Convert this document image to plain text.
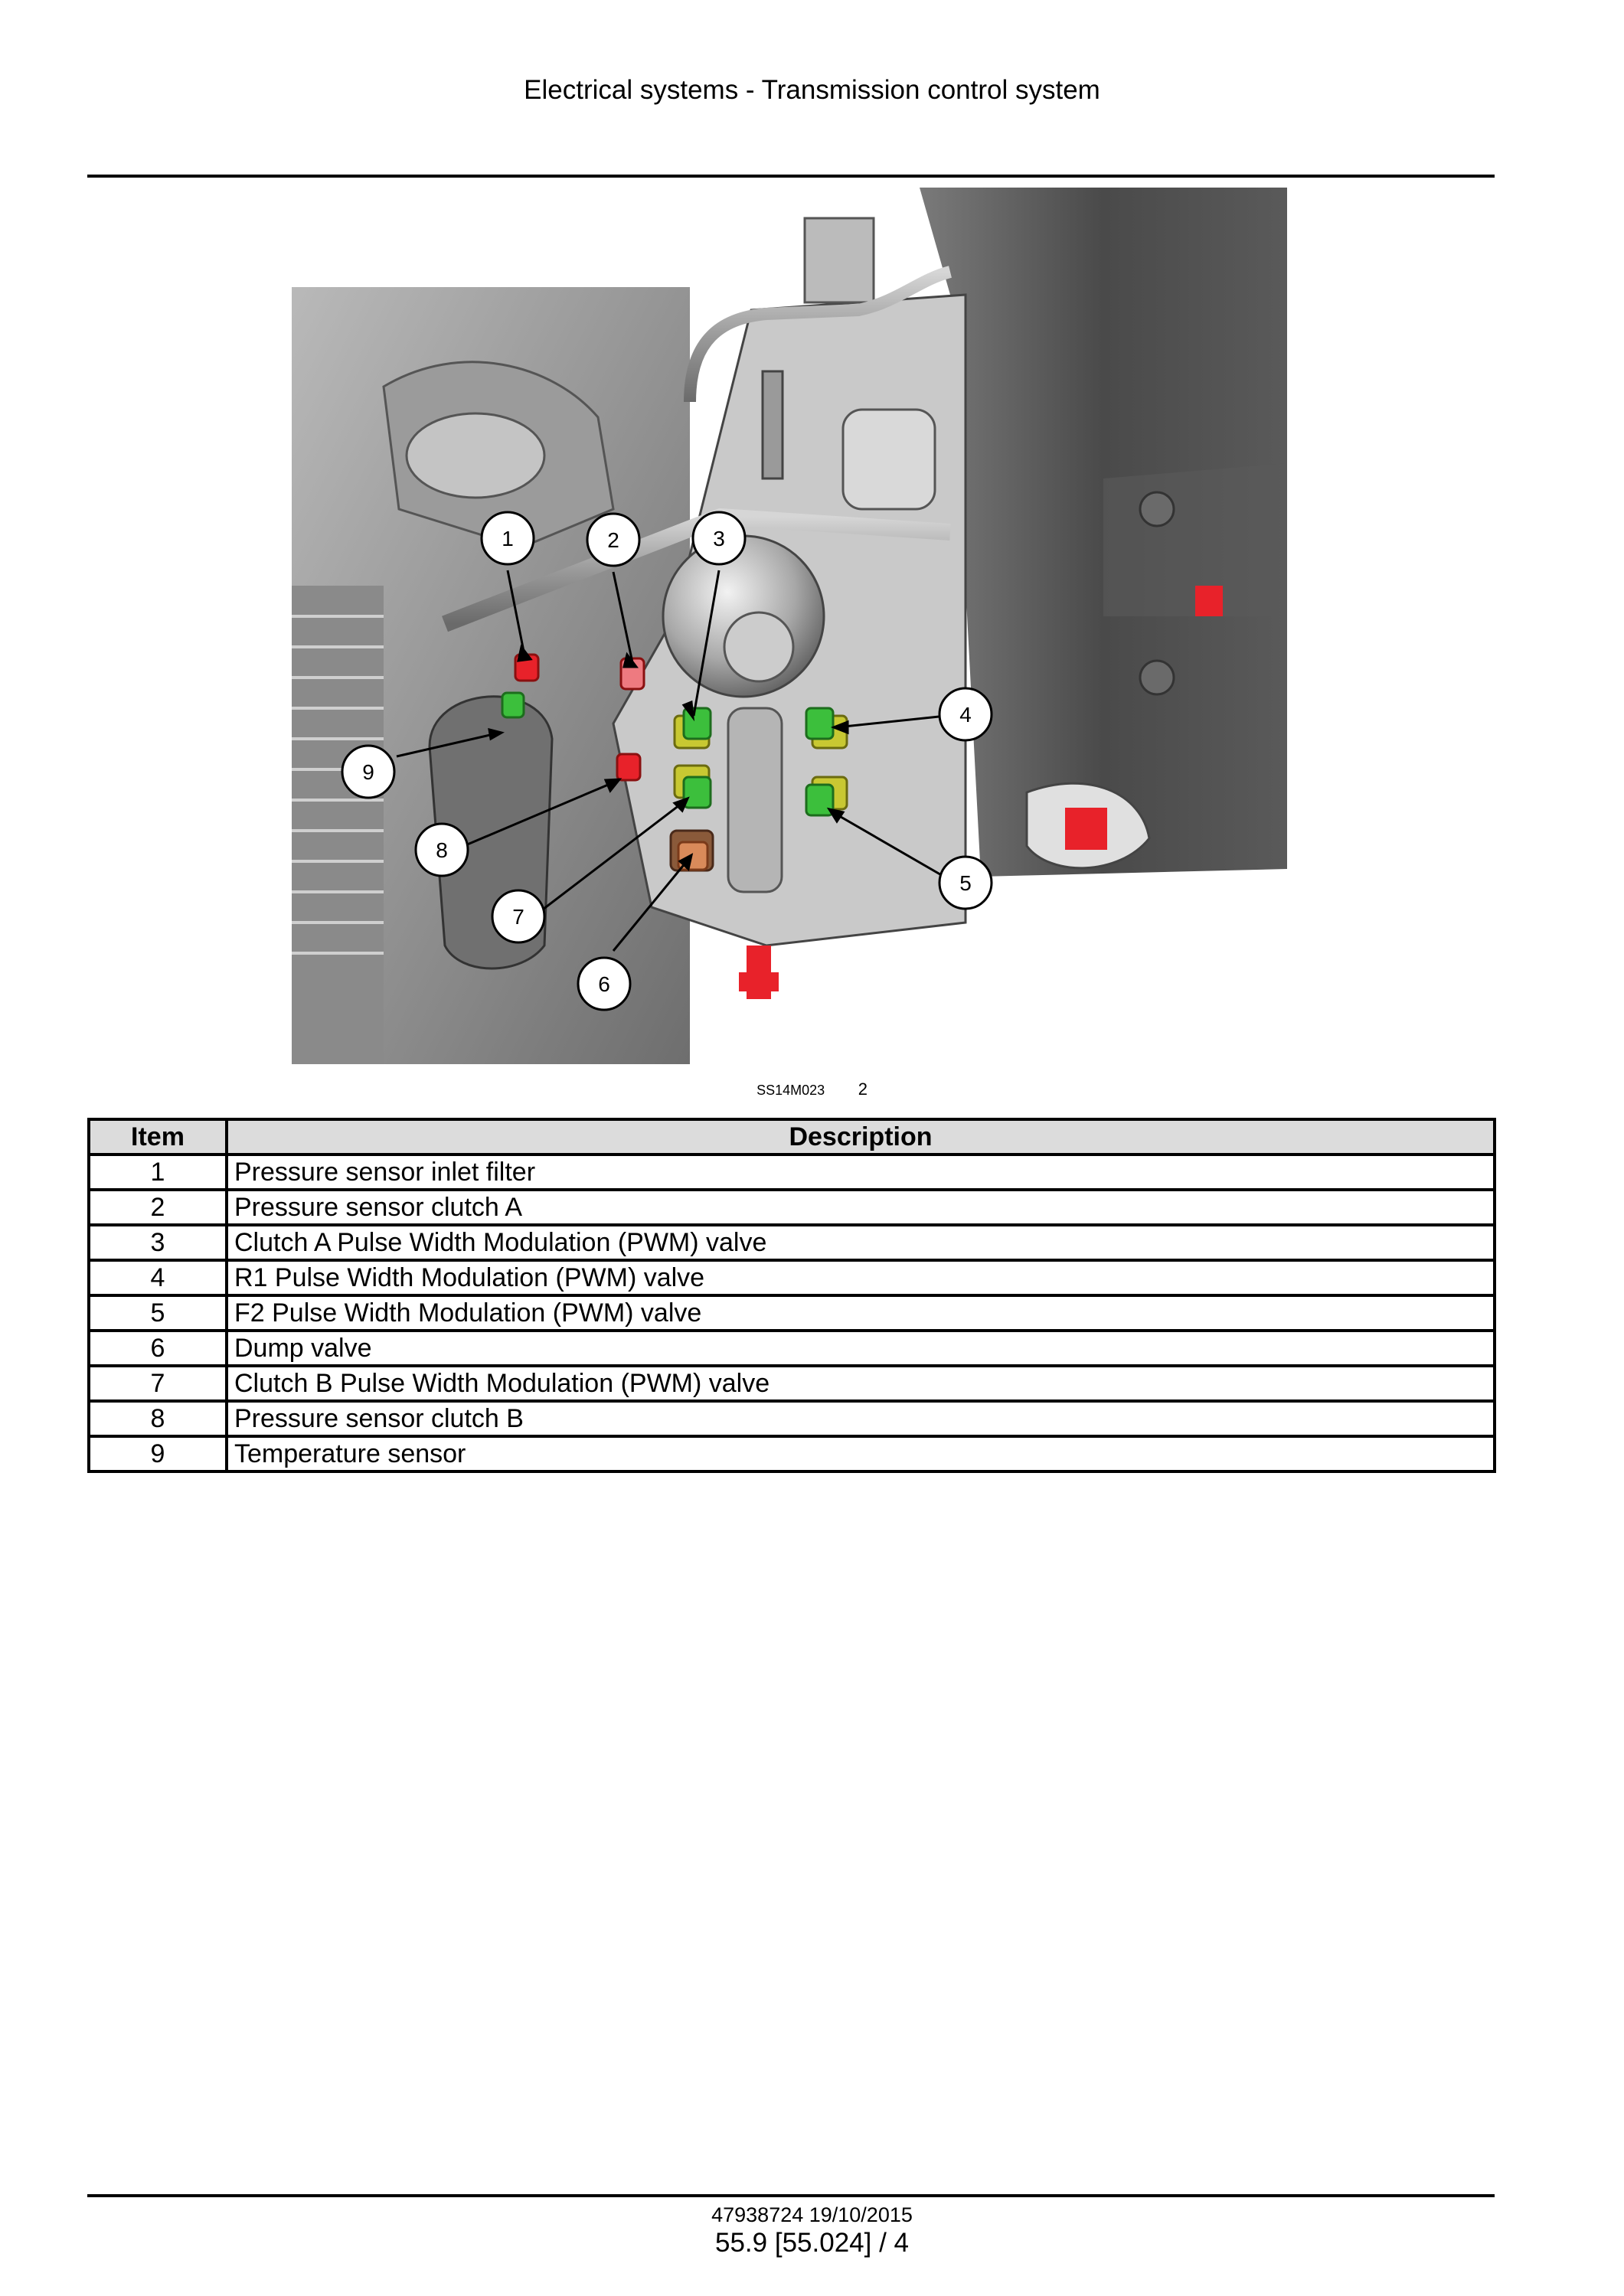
Electrical systems - Transmission control system
1	2	3
4
5
6
7
8
9
SS14M023 2
Item	Description
1	Pressure sensor inlet filter
2	Pressure sensor clutch A
3	Clutch A Pulse Width Modulation (PWM) valve
4	R1 Pulse Width Modulation (PWM) valve
5	F2 Pulse Width Modulation (PWM) valve
6	Dump valve
7	Clutch B Pulse Width Modulation (PWM) valve
8	Pressure sensor clutch B
9	Temperature sensor
47938724 19/10/2015
55.9 [55.024] / 4
